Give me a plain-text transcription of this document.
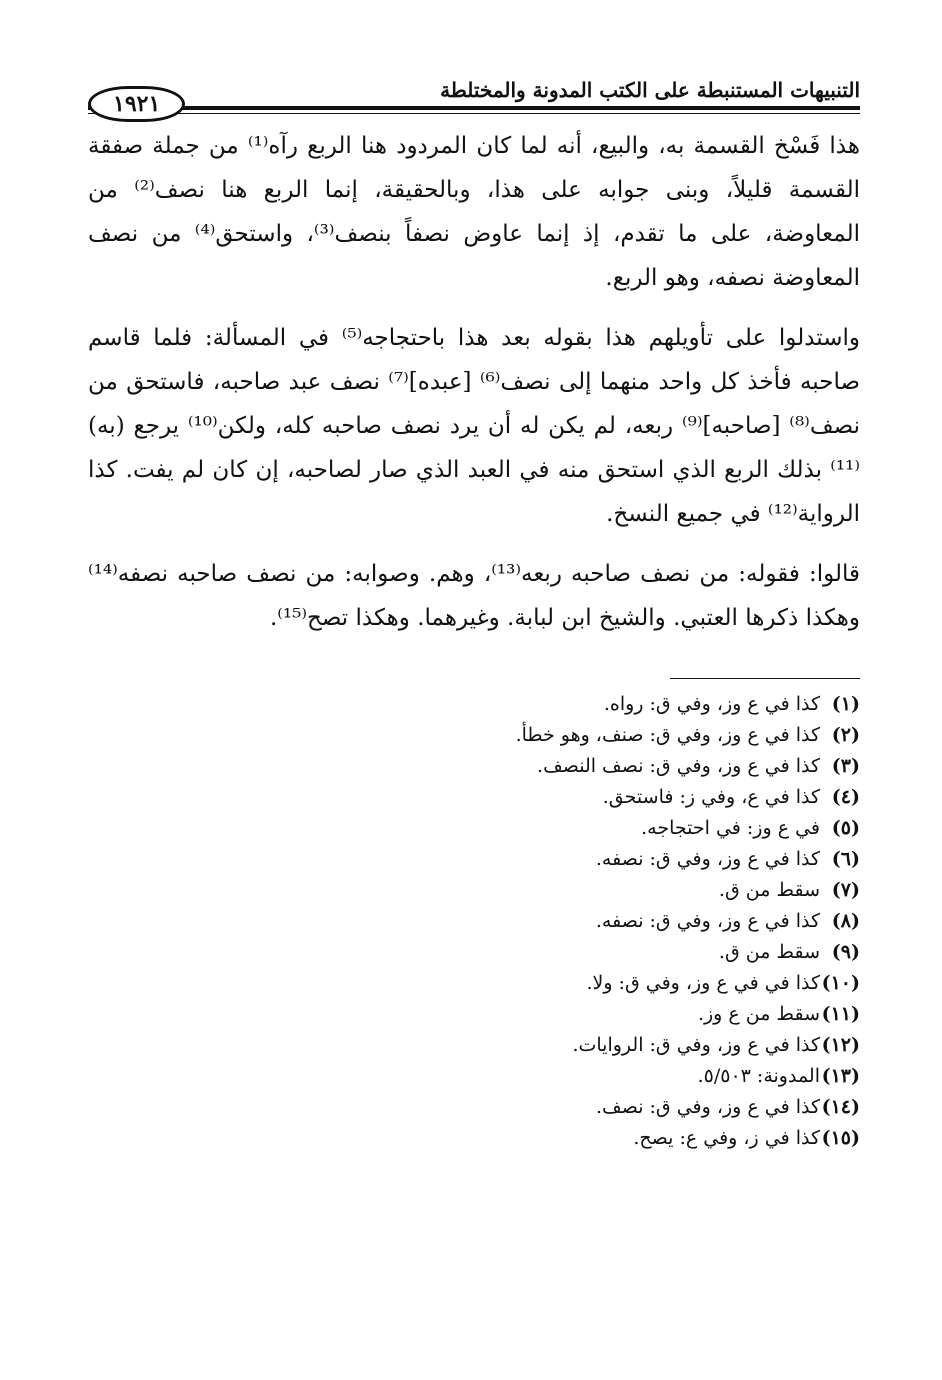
التنبيهات المستنبطة على الكتب المدونة والمختلطة
١٩٢١

هذا فَسْخ القسمة به، والبيع، أنه لما كان المردود هنا الربع رآه⁽¹⁾ من جملة صفقة القسمة قليلاً، وبنى جوابه على هذا، وبالحقيقة، إنما الربع هنا نصف⁽²⁾ من المعاوضة، على ما تقدم، إذ إنما عاوض نصفاً بنصف⁽³⁾، واستحق⁽⁴⁾ من نصف المعاوضة نصفه، وهو الربع.

واستدلوا على تأويلهم هذا بقوله بعد هذا باحتجاجه⁽⁵⁾ في المسألة: فلما قاسم صاحبه فأخذ كل واحد منهما إلى نصف⁽⁶⁾ [عبده]⁽⁷⁾ نصف عبد صاحبه، فاستحق من نصف⁽⁸⁾ [صاحبه]⁽⁹⁾ ربعه، لم يكن له أن يرد نصف صاحبه كله، ولكن⁽¹⁰⁾ يرجع (به)⁽¹¹⁾ بذلك الربع الذي استحق منه في العبد الذي صار لصاحبه، إن كان لم يفت. كذا الرواية⁽¹²⁾ في جميع النسخ.

قالوا: فقوله: من نصف صاحبه ربعه⁽¹³⁾، وهم. وصوابه: من نصف صاحبه نصفه⁽¹⁴⁾ وهكذا ذكرها العتبي. والشيخ ابن لبابة. وغيرهما. وهكذا تصح⁽¹⁵⁾.

(١)
كذا في ع وز، وفي ق: رواه.
(٢)
كذا في ع وز، وفي ق: صنف، وهو خطأ.
(٣)
كذا في ع وز، وفي ق: نصف النصف.
(٤)
كذا في ع، وفي ز: فاستحق.
(٥)
في ع وز: في احتجاجه.
(٦)
كذا في ع وز، وفي ق: نصفه.
(٧)
سقط من ق.
(٨)
كذا في ع وز، وفي ق: نصفه.
(٩)
سقط من ق.
(١٠)
كذا في في ع وز، وفي ق: ولا.
(١١)
سقط من ع وز.
(١٢)
كذا في ع وز، وفي ق: الروايات.
(١٣)
المدونة: ٥/٥٠٣.
(١٤)
كذا في ع وز، وفي ق: نصف.
(١٥)
كذا في ز، وفي ع: يصح.
